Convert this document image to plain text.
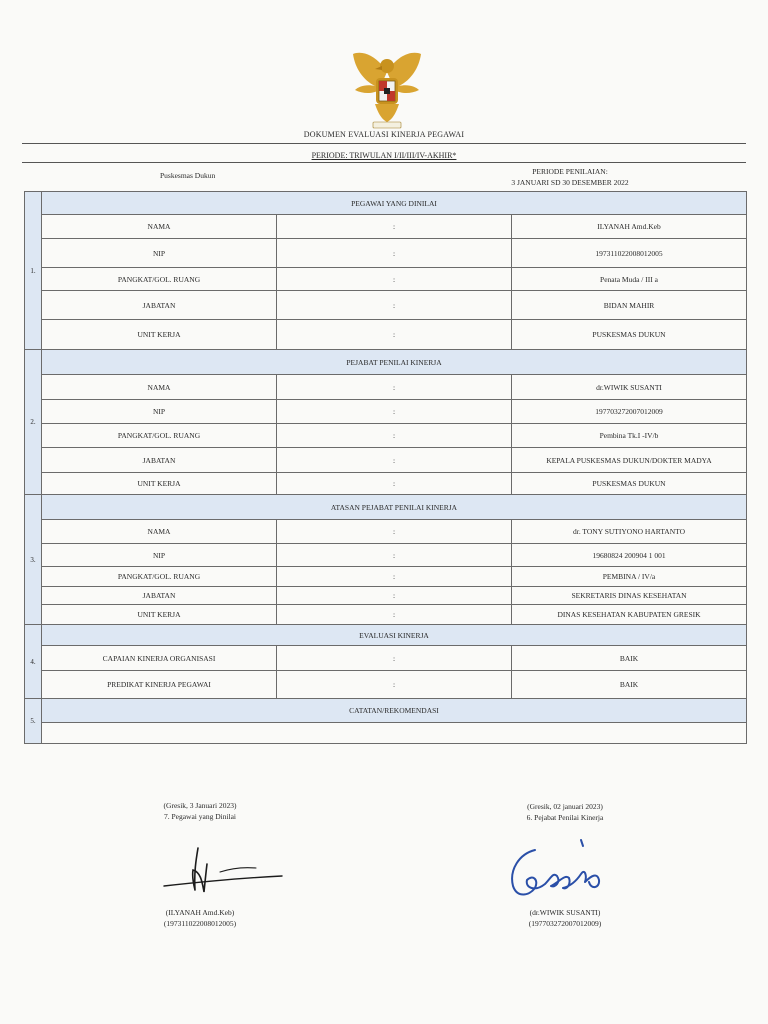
DOKUMEN EVALUASI KINERJA PEGAWAI
PERIODE: TRIWULAN I/II/III/IV-AKHIR*
Puskesmas Dukun	PERIODE PENILAIAN:
3 JANUARI SD 30 DESEMBER 2022
1.	PEGAWAI YANG DINILAI		
	NAMA	:	ILYANAH Amd.Keb
	NIP	:	197311022008012005
	PANGKAT/GOL. RUANG	:	Penata Muda / III a
	JABATAN	:	BIDAN MAHIR
	UNIT KERJA	:	PUSKESMAS DUKUN
2.	PEJABAT PENILAI KINERJA		
	NAMA	:	dr.WIWIK SUSANTI
	NIP	:	197703272007012009
	PANGKAT/GOL. RUANG	:	Pembina Tk.I -IV/b
	JABATAN	:	KEPALA PUSKESMAS DUKUN/DOKTER MADYA
	UNIT KERJA	:	PUSKESMAS DUKUN
3.	ATASAN PEJABAT PENILAI KINERJA		
	NAMA	:	dr. TONY SUTIYONO HARTANTO
	NIP	:	19680824 200904 1 001
	PANGKAT/GOL. RUANG	:	PEMBINA / IV/a
	JABATAN	:	SEKRETARIS DINAS KESEHATAN
	UNIT KERJA	:	DINAS KESEHATAN KABUPATEN GRESIK
4.	EVALUASI KINERJA		
	CAPAIAN KINERJA ORGANISASI	:	BAIK
	PREDIKAT KINERJA PEGAWAI	:	BAIK
5.	CATATAN/REKOMENDASI		

(Gresik, 3 Januari 2023)
7. Pegawai yang Dinilai
(ILYANAH Amd.Keb)
(197311022008012005)
(Gresik, 02 januari 2023)
6. Pejabat Penilai Kinerja
(dr.WIWIK SUSANTI)
(197703272007012009)
